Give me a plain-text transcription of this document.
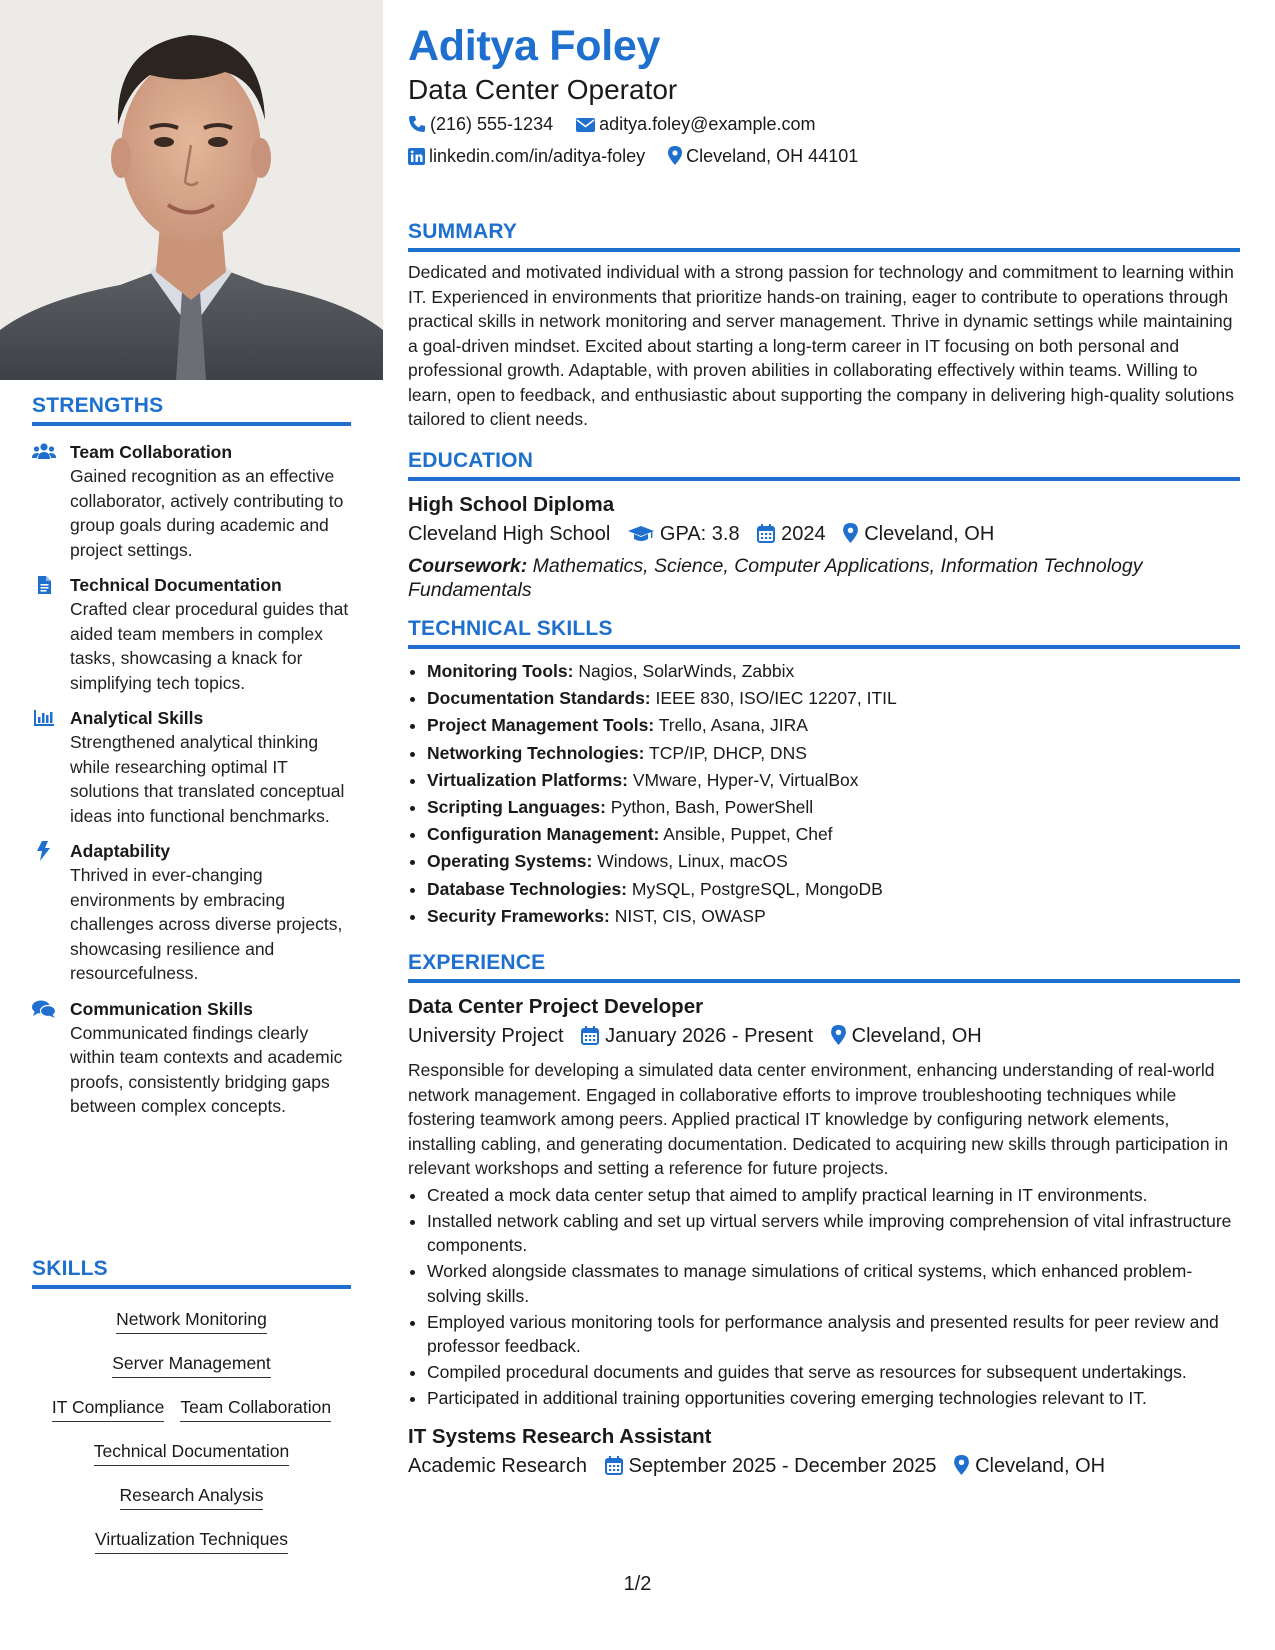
STRENGTHS
Team Collaboration
Gained recognition as an effective collaborator, actively contributing to group goals during academic and project settings.
Technical Documentation
Crafted clear procedural guides that aided team members in complex tasks, showcasing a knack for simplifying tech topics.
Analytical Skills
Strengthened analytical thinking while researching optimal IT solutions that translated conceptual ideas into functional benchmarks.
Adaptability
Thrived in ever-changing environments by embracing challenges across diverse projects, showcasing resilience and resourcefulness.
Communication Skills
Communicated findings clearly within team contexts and academic proofs, consistently bridging gaps between complex concepts.
SKILLS
Network Monitoring
Server Management
IT Compliance Team Collaboration
Technical Documentation
Research Analysis
Virtualization Techniques
Aditya Foley
Data Center Operator
(216) 555-1234	aditya.foley@example.com
linkedin.com/in/aditya-foley Cleveland, OH 44101
SUMMARY

Dedicated and motivated individual with a strong passion for technology and commitment to learning within IT. Experienced in environments that prioritize hands-on training, eager to contribute to operations through practical skills in network monitoring and server management. Thrive in dynamic settings while maintaining a goal-driven mindset. Excited about starting a long-term career in IT focusing on both personal and professional growth. Adaptable, with proven abilities in collaborating effectively within teams. Willing to learn, open to feedback, and enthusiastic about supporting the company in delivering high-quality solutions tailored to client needs.

EDUCATION
High School Diploma
Cleveland High School GPA: 3.8 2024 Cleveland, OH
Coursework: Mathematics, Science, Computer Applications, Information Technology Fundamentals
TECHNICAL SKILLS
• Monitoring Tools: Nagios, SolarWinds, Zabbix
• Documentation Standards: IEEE 830, ISO/IEC 12207, ITIL
• Project Management Tools: Trello, Asana, JIRA
• Networking Technologies: TCP/IP, DHCP, DNS
• Virtualization Platforms: VMware, Hyper-V, VirtualBox
• Scripting Languages: Python, Bash, PowerShell
• Configuration Management: Ansible, Puppet, Chef
• Operating Systems: Windows, Linux, macOS
• Database Technologies: MySQL, PostgreSQL, MongoDB
• Security Frameworks: NIST, CIS, OWASP
EXPERIENCE
Data Center Project Developer
University Project January 2026 - Present Cleveland, OH

Responsible for developing a simulated data center environment, enhancing understanding of real-world network management. Engaged in collaborative efforts to improve troubleshooting techniques while fostering teamwork among peers. Applied practical IT knowledge by configuring network elements, installing cabling, and generating documentation. Dedicated to acquiring new skills through participation in relevant workshops and setting a reference for future projects.

• Created a mock data center setup that aimed to amplify practical learning in IT environments.
• Installed network cabling and set up virtual servers while improving comprehension of vital infrastructure components.
• Worked alongside classmates to manage simulations of critical systems, which enhanced problem-solving skills.
• Employed various monitoring tools for performance analysis and presented results for peer review and professor feedback.
• Compiled procedural documents and guides that serve as resources for subsequent undertakings.
• Participated in additional training opportunities covering emerging technologies relevant to IT.
IT Systems Research Assistant
Academic Research September 2025 - December 2025 Cleveland, OH
1/2
